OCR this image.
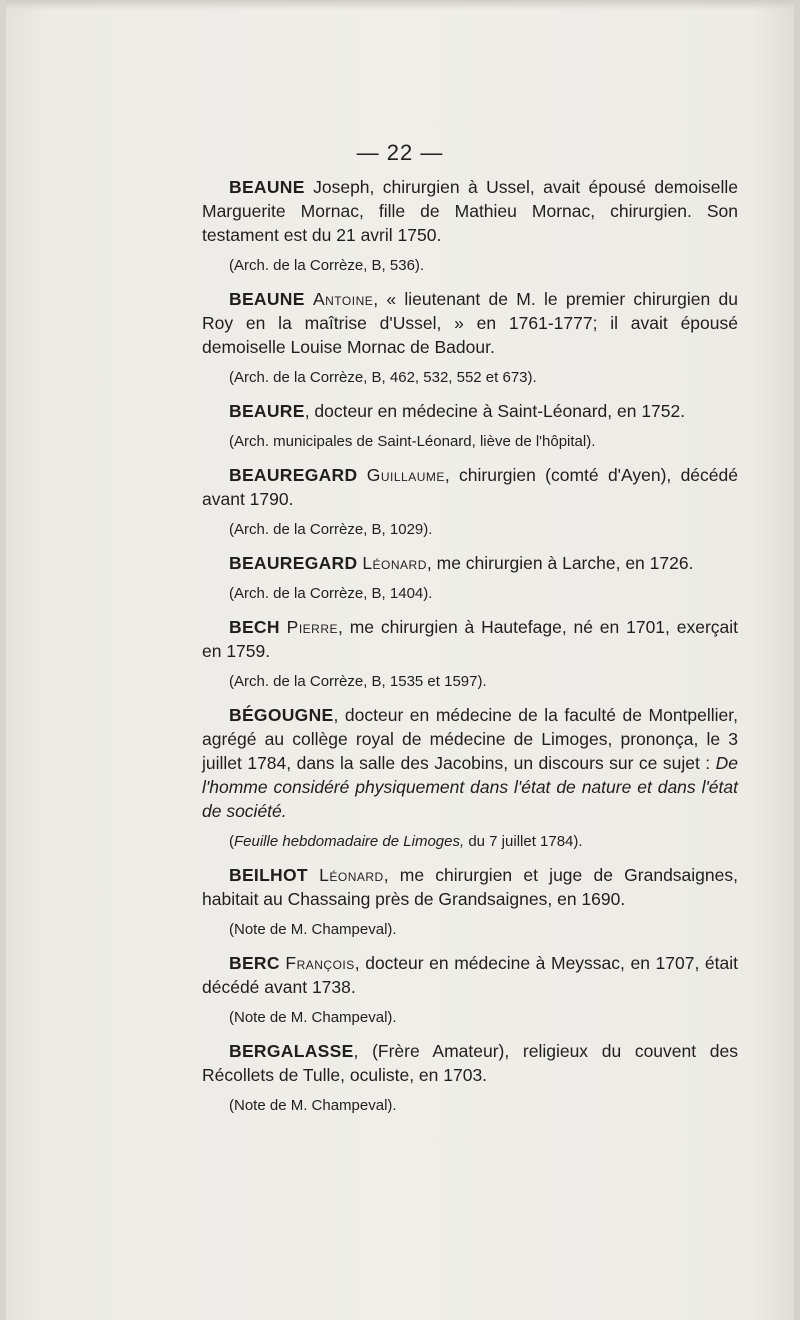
— 22 —

BEAUNE Joseph, chirurgien à Ussel, avait épousé demoiselle Marguerite Mornac, fille de Mathieu Mornac, chirurgien. Son testament est du 21 avril 1750.

(Arch. de la Corrèze, B, 536).

BEAUNE Antoine, « lieutenant de M. le premier chirurgien du Roy en la maîtrise d'Ussel, » en 1761-1777; il avait épousé demoiselle Louise Mornac de Badour.

(Arch. de la Corrèze, B, 462, 532, 552 et 673).

BEAURE, docteur en médecine à Saint-Léonard, en 1752.

(Arch. municipales de Saint-Léonard, liève de l'hôpital).

BEAUREGARD Guillaume, chirurgien (comté d'Ayen), décédé avant 1790.

(Arch. de la Corrèze, B, 1029).

BEAUREGARD Léonard, me chirurgien à Larche, en 1726.

(Arch. de la Corrèze, B, 1404).

BECH Pierre, me chirurgien à Hautefage, né en 1701, exerçait en 1759.

(Arch. de la Corrèze, B, 1535 et 1597).

BÉGOUGNE, docteur en médecine de la faculté de Montpellier, agrégé au collège royal de médecine de Limoges, prononça, le 3 juillet 1784, dans la salle des Jacobins, un discours sur ce sujet : De l'homme considéré physiquement dans l'état de nature et dans l'état de société.

(Feuille hebdomadaire de Limoges, du 7 juillet 1784).

BEILHOT Léonard, me chirurgien et juge de Grandsaignes, habitait au Chassaing près de Grandsaignes, en 1690.

(Note de M. Champeval).

BERC François, docteur en médecine à Meyssac, en 1707, était décédé avant 1738.

(Note de M. Champeval).

BERGALASSE, (Frère Amateur), religieux du couvent des Récollets de Tulle, oculiste, en 1703.

(Note de M. Champeval).
